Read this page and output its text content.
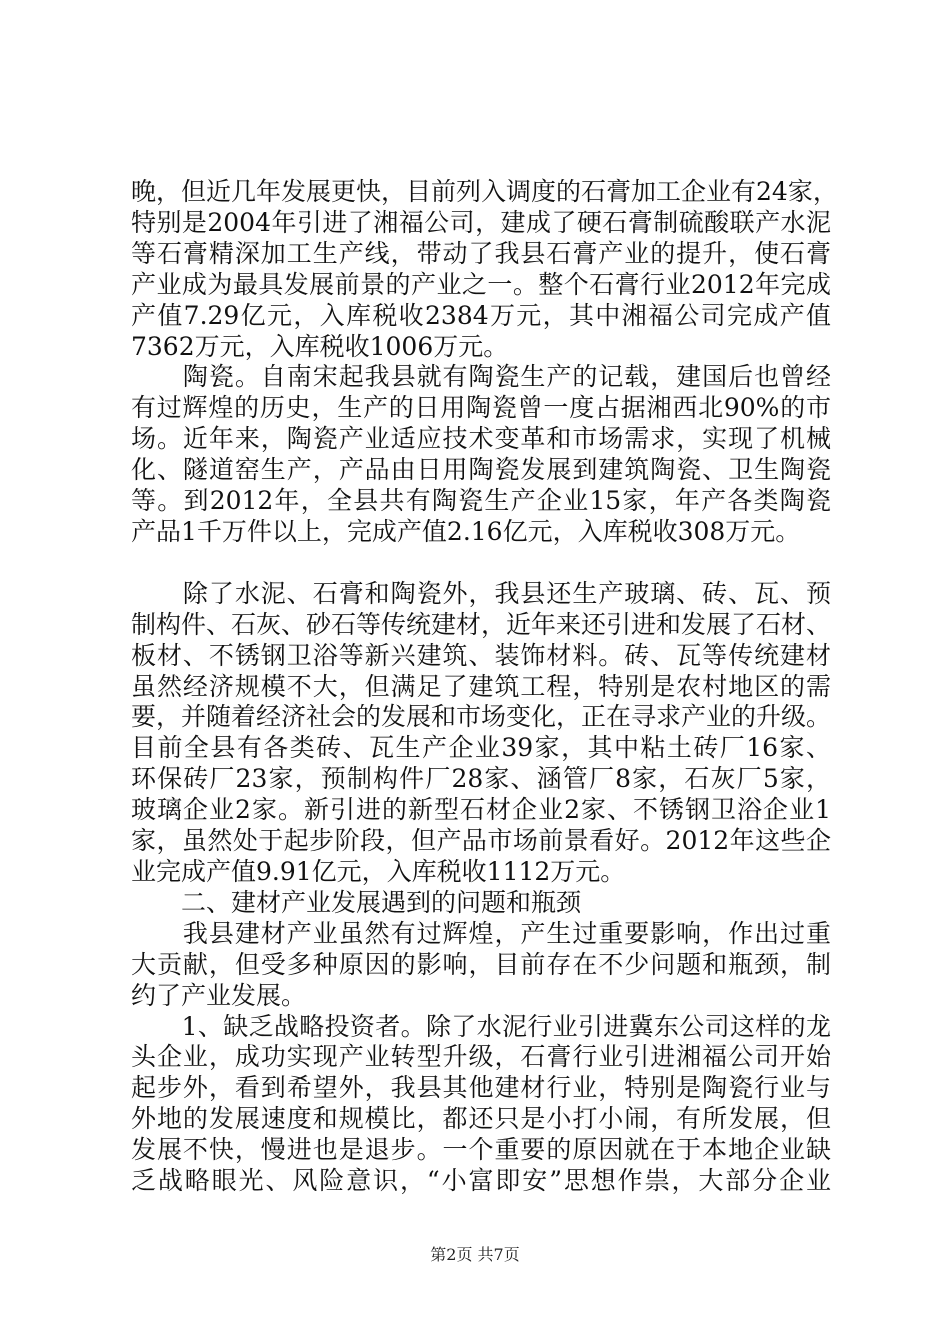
晚，但近几年发展更快，目前列入调度的石膏加工企业有24家，
特别是2004年引进了湘福公司，建成了硬石膏制硫酸联产水泥
等石膏精深加工生产线，带动了我县石膏产业的提升，使石膏
产业成为最具发展前景的产业之一。整个石膏行业2012年完成
产值7.29亿元，入库税收2384万元，其中湘福公司完成产值
7362万元，入库税收1006万元。
　　陶瓷。自南宋起我县就有陶瓷生产的记载，建国后也曾经
有过辉煌的历史，生产的日用陶瓷曾一度占据湘西北90%的市
场。近年来，陶瓷产业适应技术变革和市场需求，实现了机械
化、隧道窑生产，产品由日用陶瓷发展到建筑陶瓷、卫生陶瓷
等。到2012年，全县共有陶瓷生产企业15家，年产各类陶瓷
产品1千万件以上，完成产值2.16亿元，入库税收308万元。
　　除了水泥、石膏和陶瓷外，我县还生产玻璃、砖、瓦、预
制构件、石灰、砂石等传统建材，近年来还引进和发展了石材、
板材、不锈钢卫浴等新兴建筑、装饰材料。砖、瓦等传统建材
虽然经济规模不大，但满足了建筑工程，特别是农村地区的需
要，并随着经济社会的发展和市场变化，正在寻求产业的升级。
目前全县有各类砖、瓦生产企业39家，其中粘土砖厂16家、
环保砖厂23家，预制构件厂28家、涵管厂8家，石灰厂5家，
玻璃企业2家。新引进的新型石材企业2家、不锈钢卫浴企业1
家，虽然处于起步阶段，但产品市场前景看好。2012年这些企
业完成产值9.91亿元，入库税收1112万元。
　　二、建材产业发展遇到的问题和瓶颈
第2页 共7页
　　我县建材产业虽然有过辉煌，产生过重要影响，作出过重
大贡献，但受多种原因的影响，目前存在不少问题和瓶颈，制
约了产业发展。
　　1、缺乏战略投资者。除了水泥行业引进冀东公司这样的龙
头企业，成功实现产业转型升级，石膏行业引进湘福公司开始
起步外，看到希望外，我县其他建材行业，特别是陶瓷行业与
外地的发展速度和规模比，都还只是小打小闹，有所发展，但
发展不快，慢进也是退步。一个重要的原因就在于本地企业缺
乏战略眼光、风险意识，“小富即安”思想作祟，大部分企业
